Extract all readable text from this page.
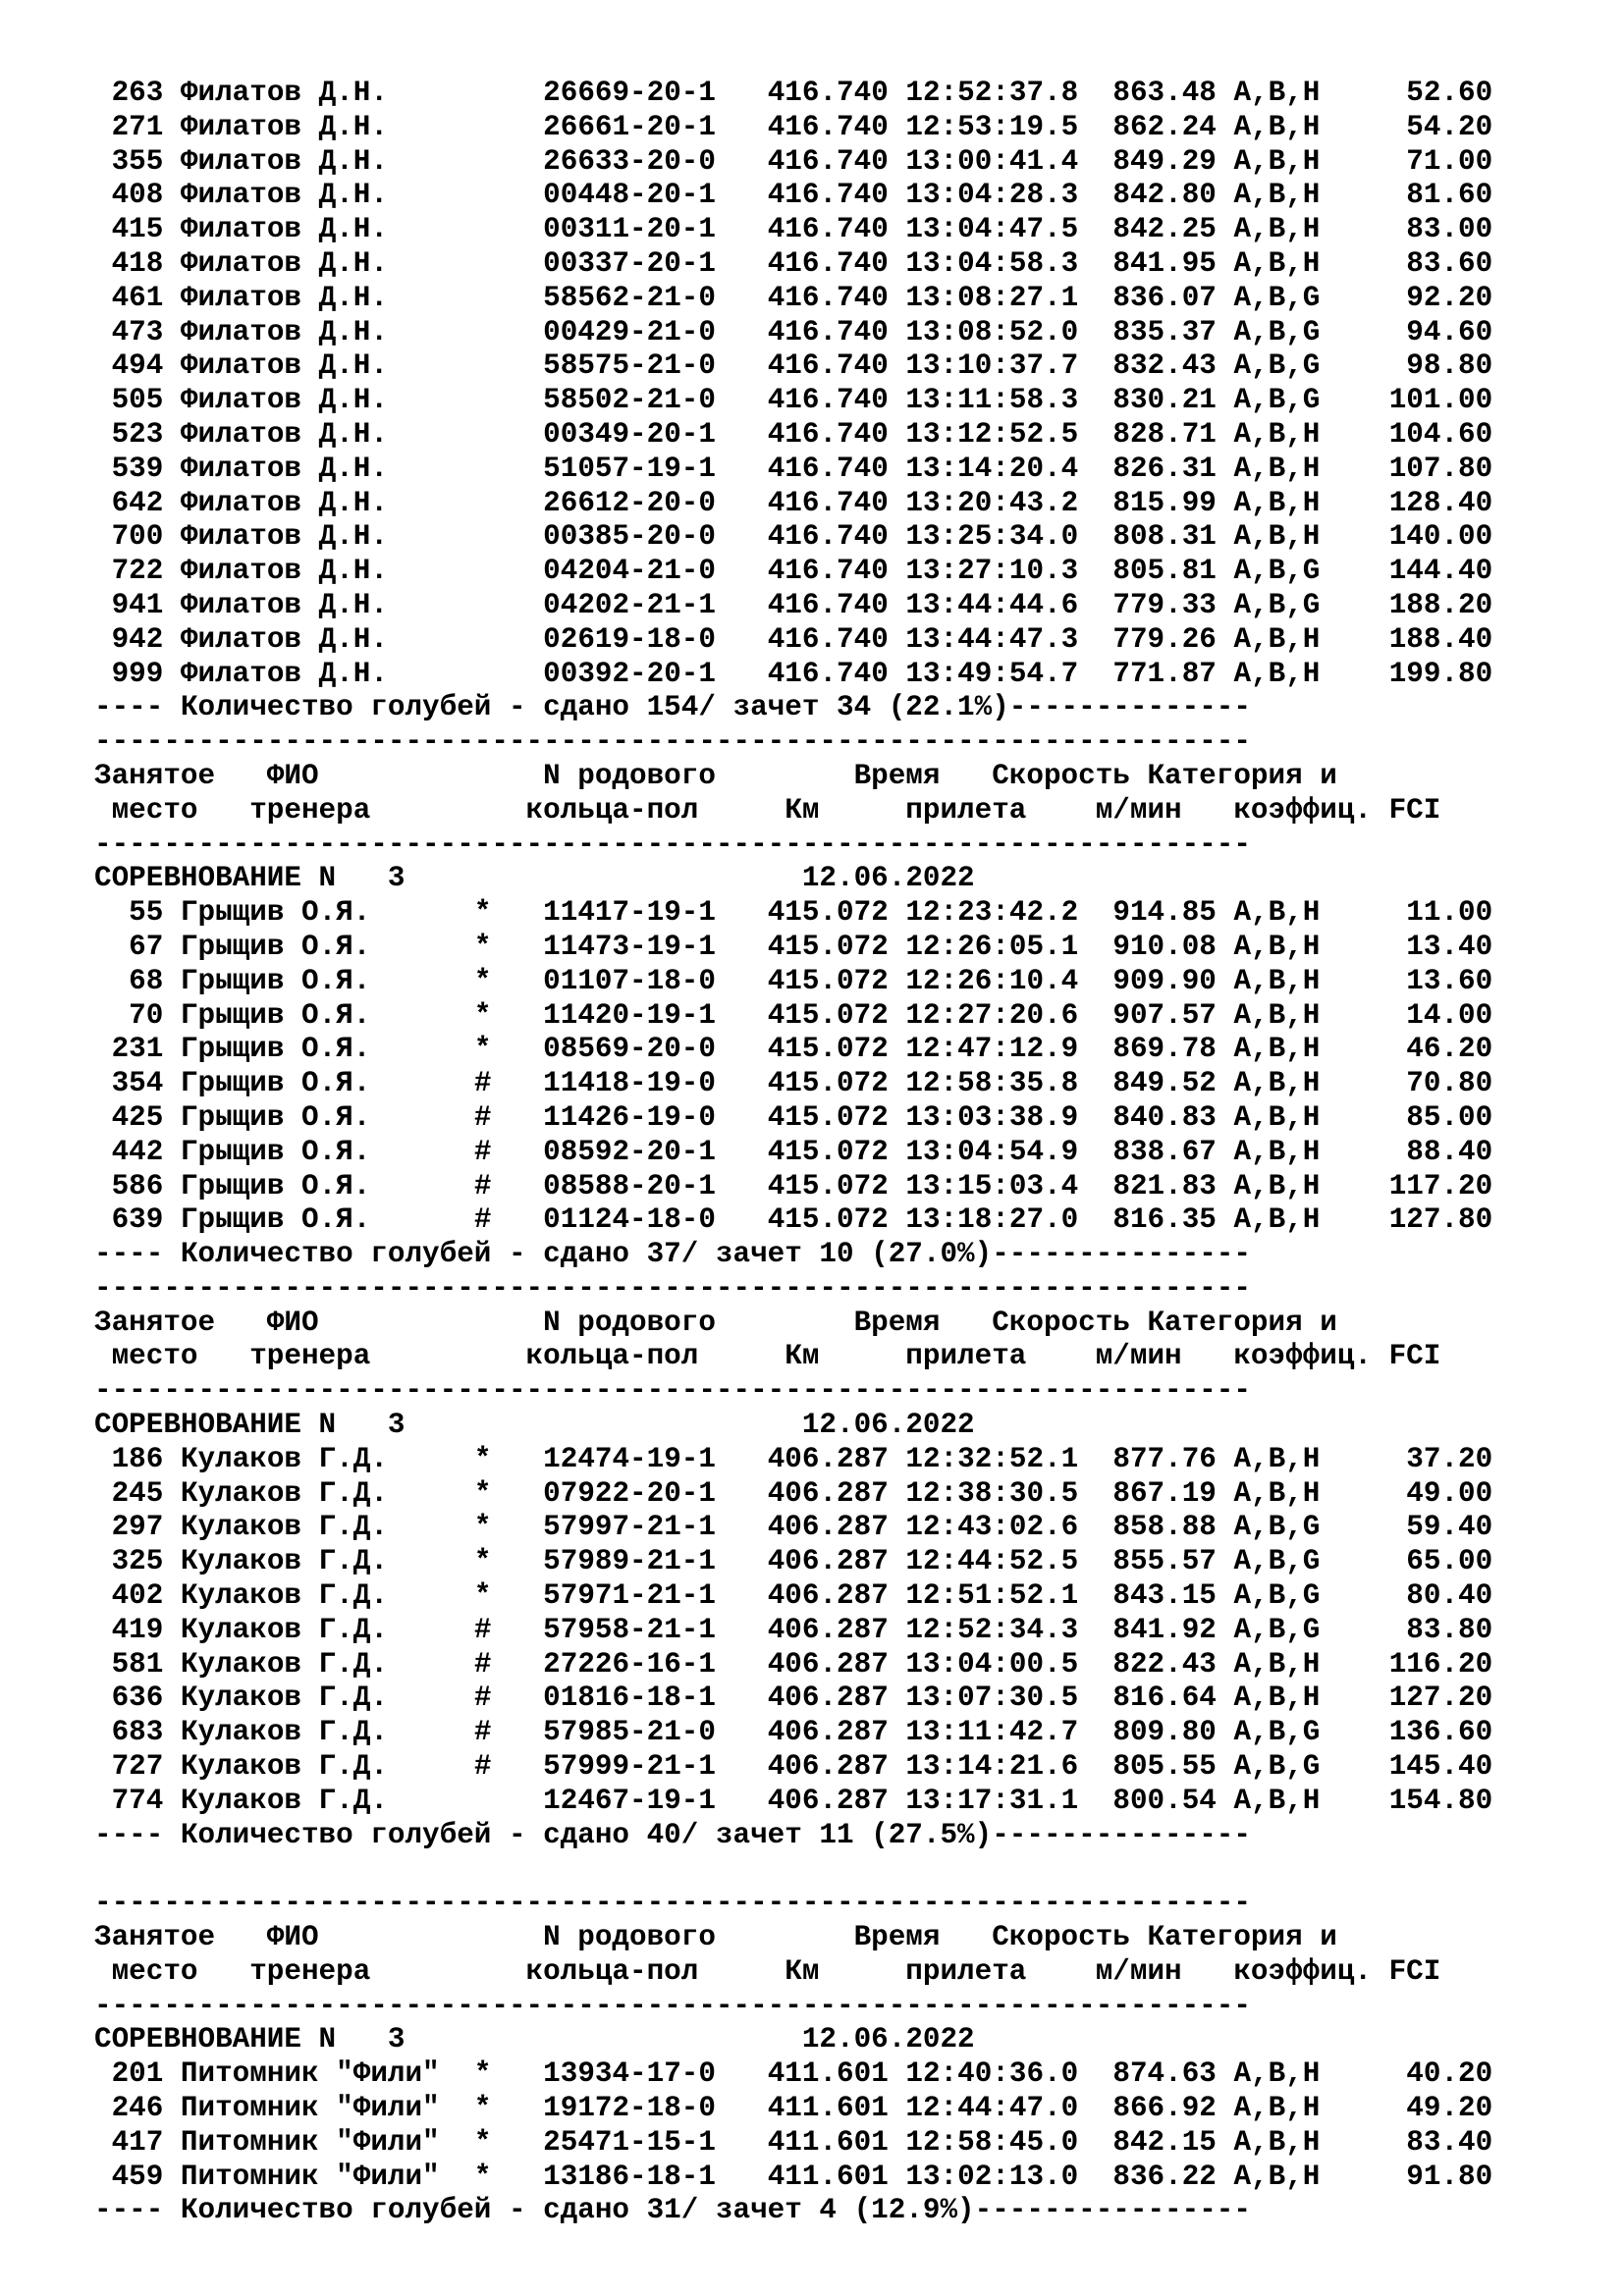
263 Филатов Д.Н.	26669-20-1 416.740 12:52:37.8 863.48 A,B,H     52.60
271 Филатов Д.Н.	26661-20-1 416.740 12:53:19.5 862.24 A,B,H     54.20
355 Филатов Д.Н.	26633-20-0 416.740 13:00:41.4 849.29 A,B,H     71.00
408 Филатов Д.Н.	00448-20-1 416.740 13:04:28.3 842.80 A,B,H     81.60
415 Филатов Д.Н.	00311-20-1 416.740 13:04:47.5 842.25 A,B,H     83.00
418 Филатов Д.Н.	00337-20-1 416.740 13:04:58.3 841.95 A,B,H     83.60
461 Филатов Д.Н.	58562-21-0 416.740 13:08:27.1 836.07 A,B,G     92.20
473 Филатов Д.Н.	00429-21-0 416.740 13:08:52.0 835.37 A,B,G     94.60
494 Филатов Д.Н.	58575-21-0 416.740 13:10:37.7 832.43 A,B,G     98.80
505 Филатов Д.Н.	58502-21-0 416.740 13:11:58.3 830.21 A,B,G    101.00
523 Филатов Д.Н.	00349-20-1 416.740 13:12:52.5 828.71 A,B,H    104.60
539 Филатов Д.Н.	51057-19-1 416.740 13:14:20.4 826.31 A,B,H    107.80
642 Филатов Д.Н.	26612-20-0 416.740 13:20:43.2 815.99 A,B,H    128.40
700 Филатов Д.Н.	00385-20-0 416.740 13:25:34.0 808.31 A,B,H    140.00
722 Филатов Д.Н.	04204-21-0 416.740 13:27:10.3 805.81 A,B,G    144.40
941 Филатов Д.Н.	04202-21-1 416.740 13:44:44.6 779.33 A,B,G    188.20
942 Филатов Д.Н.	02619-18-0 416.740 13:44:47.3 779.26 A,B,H    188.40
999 Филатов Д.Н.	00392-20-1 416.740 13:49:54.7 771.87 A,B,H    199.80
---- Количество голубей - сдано 154/ зачет 34 (22.1%)--------------
-------------------------------------------------------------------
Занятое   ФИО             N родового        Время   Скорость Категория и
место   тренера         кольца-пол     Км     прилета    м/мин   коэффиц. FCI
-------------------------------------------------------------------
СОРЕВНОВАНИЕ N   3	12.06.2022
55 Грыщив О.Я.      * 11417-19-1 415.072 12:23:42.2 914.85 A,B,H     11.00
67 Грыщив О.Я.      * 11473-19-1 415.072 12:26:05.1 910.08 A,B,H     13.40
68 Грыщив О.Я.      * 01107-18-0 415.072 12:26:10.4 909.90 A,B,H     13.60
70 Грыщив О.Я.      * 11420-19-1 415.072 12:27:20.6 907.57 A,B,H     14.00
231 Грыщив О.Я.      * 08569-20-0 415.072 12:47:12.9 869.78 A,B,H     46.20
354 Грыщив О.Я.      # 11418-19-0 415.072 12:58:35.8 849.52 A,B,H     70.80
425 Грыщив О.Я.      # 11426-19-0 415.072 13:03:38.9 840.83 A,B,H     85.00
442 Грыщив О.Я.      # 08592-20-1 415.072 13:04:54.9 838.67 A,B,H     88.40
586 Грыщив О.Я.      # 08588-20-1 415.072 13:15:03.4 821.83 A,B,H    117.20
639 Грыщив О.Я.      # 01124-18-0 415.072 13:18:27.0 816.35 A,B,H    127.80
---- Количество голубей - сдано 37/ зачет 10 (27.0%)---------------
-------------------------------------------------------------------
Занятое   ФИО             N родового        Время   Скорость Категория и
место   тренера         кольца-пол     Км     прилета    м/мин   коэффиц. FCI
-------------------------------------------------------------------
СОРЕВНОВАНИЕ N   3	12.06.2022
186 Кулаков Г.Д.     * 12474-19-1 406.287 12:32:52.1 877.76 A,B,H     37.20
245 Кулаков Г.Д.     * 07922-20-1 406.287 12:38:30.5 867.19 A,B,H     49.00
297 Кулаков Г.Д.     * 57997-21-1 406.287 12:43:02.6 858.88 A,B,G     59.40
325 Кулаков Г.Д.     * 57989-21-1 406.287 12:44:52.5 855.57 A,B,G     65.00
402 Кулаков Г.Д.     * 57971-21-1 406.287 12:51:52.1 843.15 A,B,G     80.40
419 Кулаков Г.Д.     # 57958-21-1 406.287 12:52:34.3 841.92 A,B,G     83.80
581 Кулаков Г.Д.     # 27226-16-1 406.287 13:04:00.5 822.43 A,B,H    116.20
636 Кулаков Г.Д.     # 01816-18-1 406.287 13:07:30.5 816.64 A,B,H    127.20
683 Кулаков Г.Д.     # 57985-21-0 406.287 13:11:42.7 809.80 A,B,G    136.60
727 Кулаков Г.Д.     # 57999-21-1 406.287 13:14:21.6 805.55 A,B,G    145.40
774 Кулаков Г.Д.	12467-19-1 406.287 13:17:31.1 800.54 A,B,H    154.80
---- Количество голубей - сдано 40/ зачет 11 (27.5%)---------------

-------------------------------------------------------------------
Занятое   ФИО             N родового        Время   Скорость Категория и
место   тренера         кольца-пол     Км     прилета    м/мин   коэффиц. FCI
-------------------------------------------------------------------
СОРЕВНОВАНИЕ N   3	12.06.2022
201 Питомник "Фили"  * 13934-17-0 411.601 12:40:36.0 874.63 A,B,H     40.20
246 Питомник "Фили"  * 19172-18-0 411.601 12:44:47.0 866.92 A,B,H     49.20
417 Питомник "Фили"  * 25471-15-1 411.601 12:58:45.0 842.15 A,B,H     83.40
459 Питомник "Фили"  * 13186-18-1 411.601 13:02:13.0 836.22 A,B,H     91.80
---- Количество голубей - сдано 31/ зачет 4 (12.9%)----------------
